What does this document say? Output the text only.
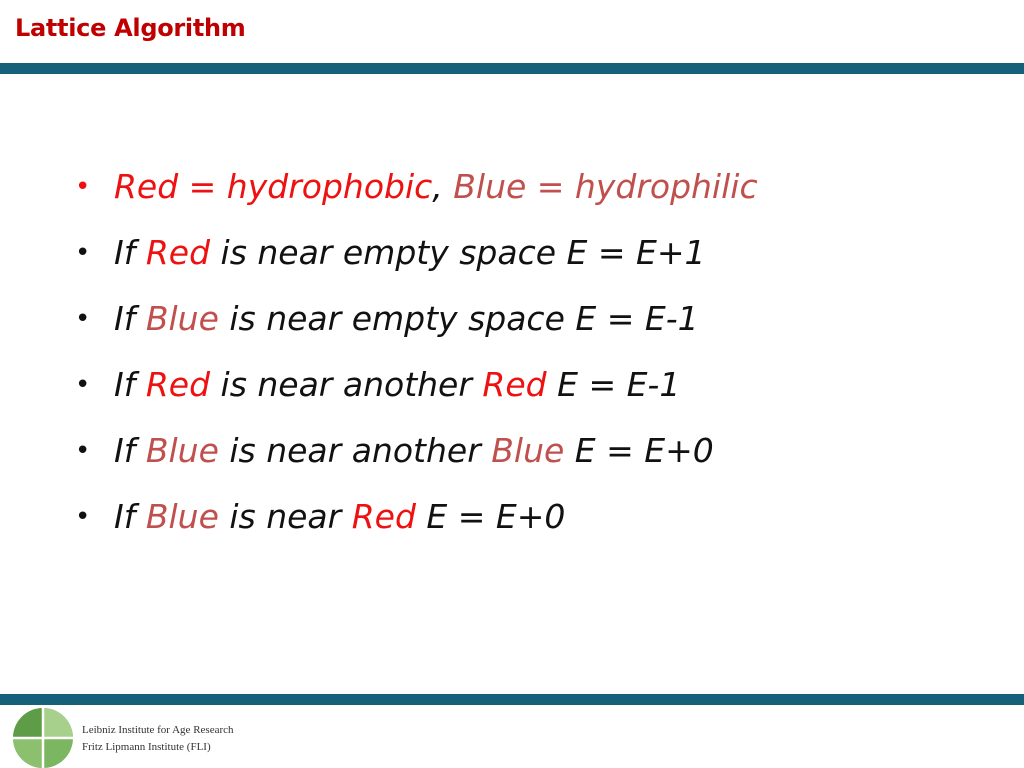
Lattice Algorithm
• Red = hydrophobic, Blue = hydrophilic
• If Red is near empty space E = E+1
• If Blue is near empty space E = E-1
• If Red is near another Red E = E-1
• If Blue is near another Blue E = E+0
• If Blue is near Red E = E+0
Leibniz Institute for Age Research
Fritz Lipmann Institute (FLI)
